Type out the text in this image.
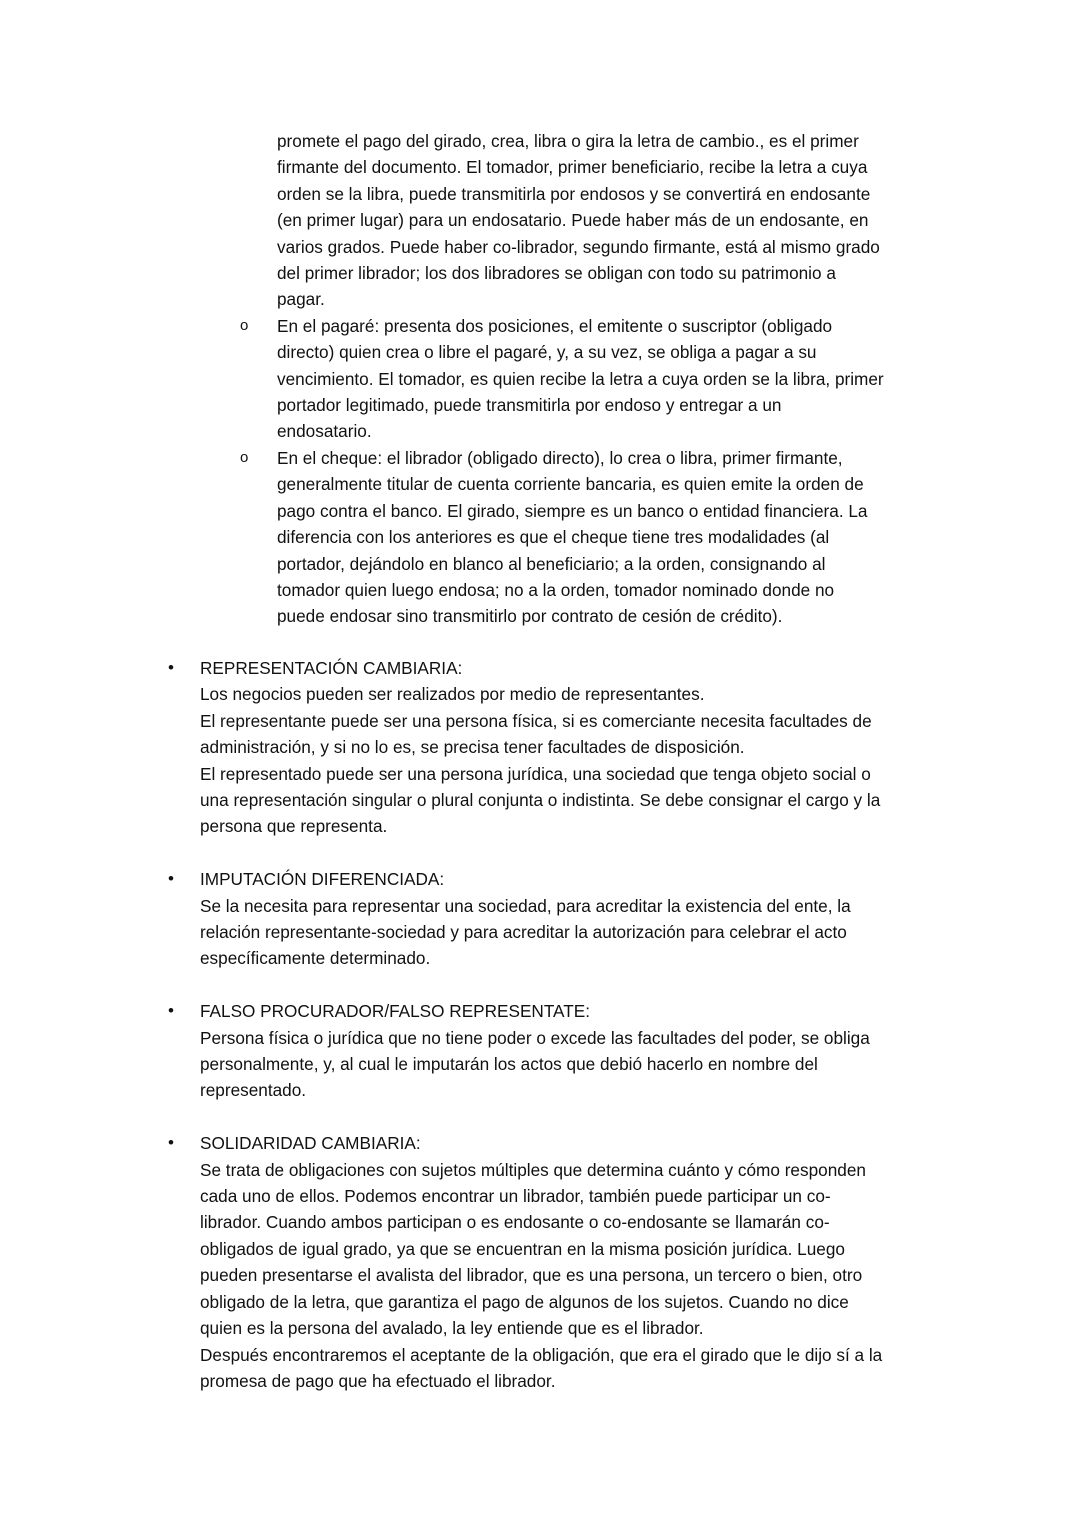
promete el pago del girado, crea, libra o gira la letra de cambio., es el primer
firmante del documento. El tomador, primer beneficiario, recibe la letra a cuya
orden se la libra, puede transmitirla por endosos y se convertirá en endosante
(en primer lugar) para un endosatario. Puede haber más de un endosante, en
varios grados. Puede haber co-librador, segundo firmante, está al mismo grado
del primer librador; los dos libradores se obligan con todo su patrimonio a
pagar.
o En el pagaré: presenta dos posiciones, el emitente o suscriptor (obligado
directo) quien crea o libre el pagaré, y, a su vez, se obliga a pagar a su
vencimiento. El tomador, es quien recibe la letra a cuya orden se la libra, primer
portador legitimado, puede transmitirla por endoso y entregar a un
endosatario.
o En el cheque: el librador (obligado directo), lo crea o libra, primer firmante,
generalmente titular de cuenta corriente bancaria, es quien emite la orden de
pago contra el banco. El girado, siempre es un banco o entidad financiera. La
diferencia con los anteriores es que el cheque tiene tres modalidades (al
portador, dejándolo en blanco al beneficiario; a la orden, consignando al
tomador quien luego endosa; no a la orden, tomador nominado donde no
puede endosar sino transmitirlo por contrato de cesión de crédito).
• REPRESENTACIÓN CAMBIARIA:
Los negocios pueden ser realizados por medio de representantes.
El representante puede ser una persona física, si es comerciante necesita facultades de
administración, y si no lo es, se precisa tener facultades de disposición.
El representado puede ser una persona jurídica, una sociedad que tenga objeto social o
una representación singular o plural conjunta o indistinta. Se debe consignar el cargo y la
persona que representa.
• IMPUTACIÓN DIFERENCIADA:
Se la necesita para representar una sociedad, para acreditar la existencia del ente, la
relación representante-sociedad y para acreditar la autorización para celebrar el acto
específicamente determinado.
• FALSO PROCURADOR/FALSO REPRESENTATE:
Persona física o jurídica que no tiene poder o excede las facultades del poder, se obliga
personalmente, y, al cual le imputarán los actos que debió hacerlo en nombre del
representado.
• SOLIDARIDAD CAMBIARIA:
Se trata de obligaciones con sujetos múltiples que determina cuánto y cómo responden
cada uno de ellos. Podemos encontrar un librador, también puede participar un co-
librador. Cuando ambos participan o es endosante o co-endosante se llamarán co-
obligados de igual grado, ya que se encuentran en la misma posición jurídica. Luego
pueden presentarse el avalista del librador, que es una persona, un tercero o bien, otro
obligado de la letra, que garantiza el pago de algunos de los sujetos. Cuando no dice
quien es la persona del avalado, la ley entiende que es el librador.
Después encontraremos el aceptante de la obligación, que era el girado que le dijo sí a la
promesa de pago que ha efectuado el librador.
